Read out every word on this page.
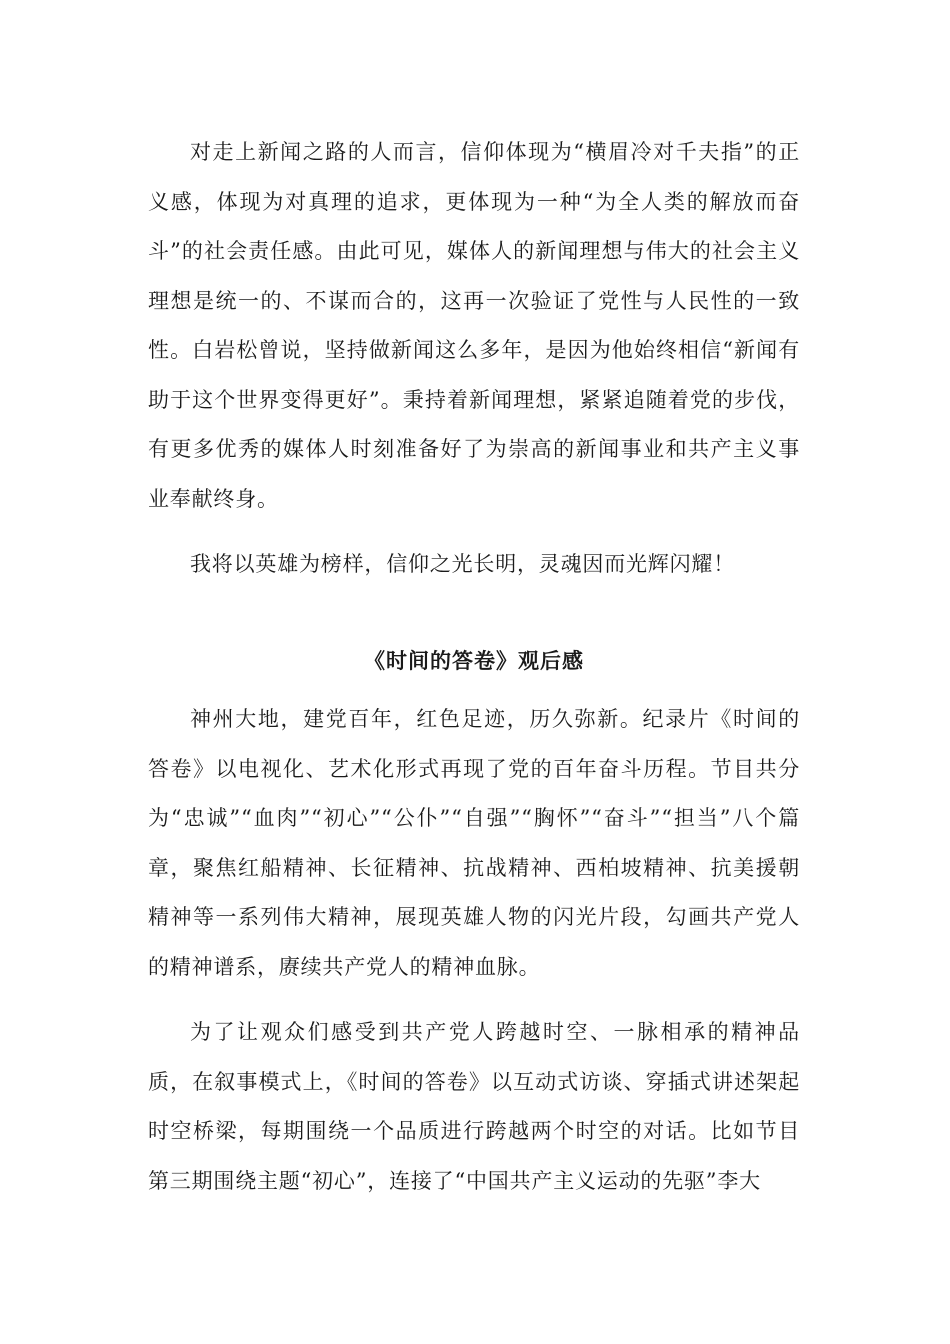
对走上新闻之路的人而言，信仰体现为“横眉冷对千夫指”的正义感，体现为对真理的追求，更体现为一种“为全人类的解放而奋斗”的社会责任感。由此可见，媒体人的新闻理想与伟大的社会主义理想是统一的、不谋而合的，这再一次验证了党性与人民性的一致性。白岩松曾说，坚持做新闻这么多年，是因为他始终相信“新闻有助于这个世界变得更好”。秉持着新闻理想，紧紧追随着党的步伐，有更多优秀的媒体人时刻准备好了为崇高的新闻事业和共产主义事业奉献终身。

我将以英雄为榜样，信仰之光长明，灵魂因而光辉闪耀！

《时间的答卷》观后感

神州大地，建党百年，红色足迹，历久弥新。纪录片《时间的答卷》以电视化、艺术化形式再现了党的百年奋斗历程。节目共分为“忠诚”“血肉”“初心”“公仆”“自强”“胸怀”“奋斗”“担当”八个篇章，聚焦红船精神、长征精神、抗战精神、西柏坡精神、抗美援朝精神等一系列伟大精神，展现英雄人物的闪光片段，勾画共产党人的精神谱系，赓续共产党人的精神血脉。

为了让观众们感受到共产党人跨越时空、一脉相承的精神品质，在叙事模式上，《时间的答卷》以互动式访谈、穿插式讲述架起时空桥梁，每期围绕一个品质进行跨越两个时空的对话。比如节目第三期围绕主题“初心”，连接了“中国共产主义运动的先驱”李大
